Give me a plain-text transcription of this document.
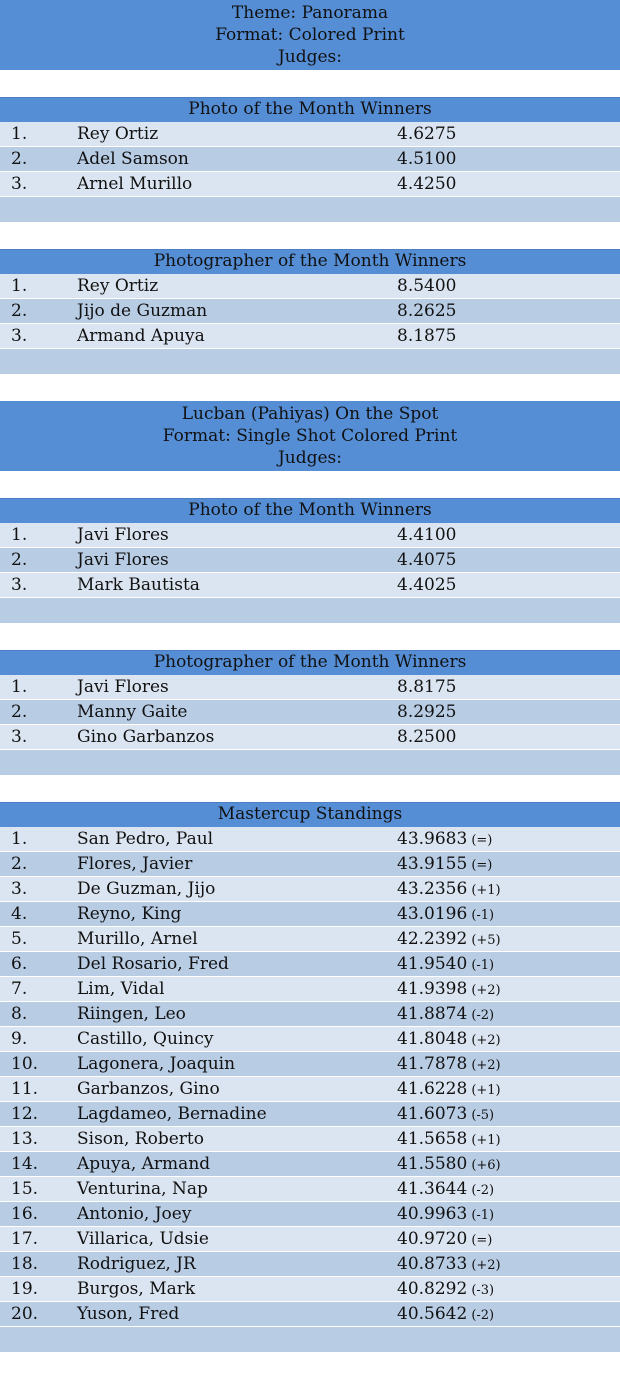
Theme: Panorama
Format: Colored Print
Judges:
Photo of the Month Winners
1.	Rey Ortiz	4.6275
2.	Adel Samson	4.5100
3.	Arnel Murillo	4.4250
Photographer of the Month Winners
1.	Rey Ortiz	8.5400
2.	Jijo de Guzman	8.2625
3.	Armand Apuya	8.1875
Lucban (Pahiyas) On the Spot
Format: Single Shot Colored Print
Judges:
Photo of the Month Winners
1.	Javi Flores	4.4100
2.	Javi Flores	4.4075
3.	Mark Bautista	4.4025
Photographer of the Month Winners
1.	Javi Flores	8.8175
2.	Manny Gaite	8.2925
3.	Gino Garbanzos	8.2500
Mastercup Standings
1.	San Pedro, Paul	43.9683 (=)
2.	Flores, Javier	43.9155 (=)
3.	De Guzman, Jijo	43.2356 (+1)
4.	Reyno, King	43.0196 (-1)
5.	Murillo, Arnel	42.2392 (+5)
6.	Del Rosario, Fred	41.9540 (-1)
7.	Lim, Vidal	41.9398 (+2)
8.	Riingen, Leo	41.8874 (-2)
9.	Castillo, Quincy	41.8048 (+2)
10. Lagonera, Joaquin	41.7878 (+2)
11. Garbanzos, Gino	41.6228 (+1)
12. Lagdameo, Bernadine	41.6073 (-5)
13. Sison, Roberto	41.5658 (+1)
14. Apuya, Armand	41.5580 (+6)
15. Venturina, Nap	41.3644 (-2)
16. Antonio, Joey	40.9963 (-1)
17. Villarica, Udsie	40.9720 (=)
18. Rodriguez, JR	40.8733 (+2)
19. Burgos, Mark	40.8292 (-3)
20. Yuson, Fred	40.5642 (-2)
